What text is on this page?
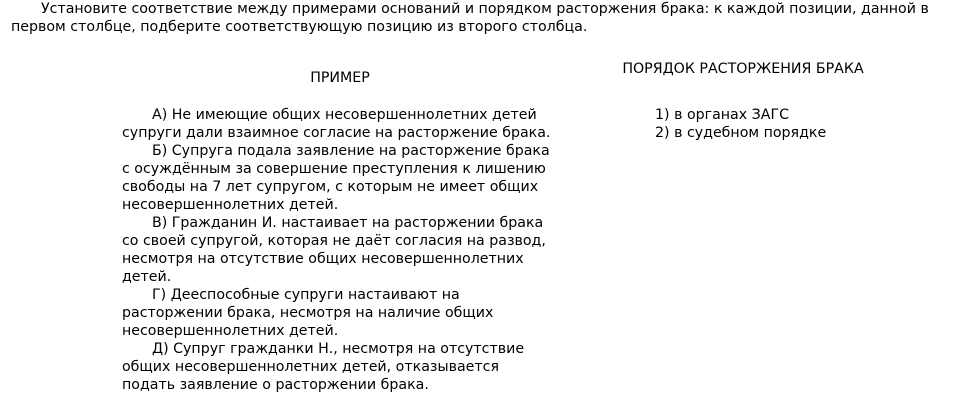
Установите соответствие между примерами оснований и порядком расторжения брака: к каждой позиции, данной в первом столбце, подберите соответствующую позицию из второго столбца.

ПРИМЕР
ПОРЯДОК РАСТОРЖЕНИЯ БРАКА

А) Не имеющие общих несовершеннолетних детей супруги дали взаимное согласие на расторжение брака.

Б) Супруга подала заявление на расторжение брака с осуждённым за совершение преступления к лишению свободы на 7 лет супругом, с которым не имеет общих несовершеннолетних детей.

В) Гражданин И. настаивает на расторжении брака со своей супругой, которая не даёт согласия на развод, несмотря на отсутствие общих несовершеннолетних детей.

Г) Дееспособные супруги настаивают на расторжении брака, несмотря на наличие общих несовершеннолетних детей.

Д) Супруг гражданки Н., несмотря на отсутствие общих несовершеннолетних детей, отказывается подать заявление о расторжении брака.

1) в органах ЗАГС

2) в судебном порядке
